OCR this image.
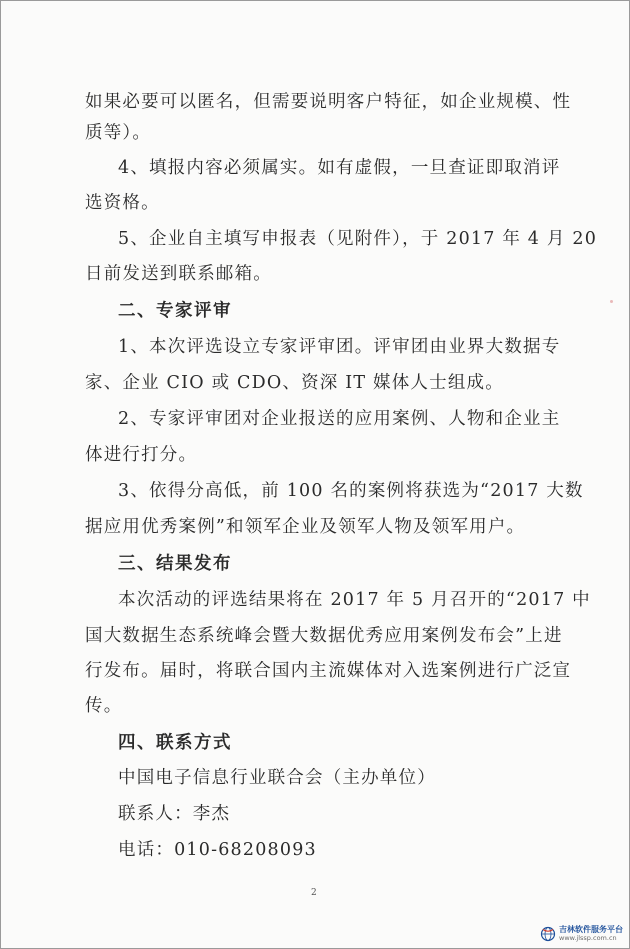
如果必要可以匿名，但需要说明客户特征，如企业规模、性
质等）。
4、填报内容必须属实。如有虚假，一旦查证即取消评
选资格。
5、企业自主填写申报表（见附件），于 2017 年 4 月 20
日前发送到联系邮箱。
二、专家评审
1、本次评选设立专家评审团。评审团由业界大数据专
家、企业 CIO 或 CDO、资深 IT 媒体人士组成。
2、专家评审团对企业报送的应用案例、人物和企业主
体进行打分。
3、依得分高低，前 100 名的案例将获选为“2017 大数
据应用优秀案例”和领军企业及领军人物及领军用户。
三、结果发布
本次活动的评选结果将在 2017 年 5 月召开的“2017 中
国大数据生态系统峰会暨大数据优秀应用案例发布会”上进
行发布。届时，将联合国内主流媒体对入选案例进行广泛宣
传。
四、联系方式
中国电子信息行业联合会（主办单位）
联系人：李杰
电话：010-68208093
2
吉林软件服务平台
www.jlssp.com.cn
